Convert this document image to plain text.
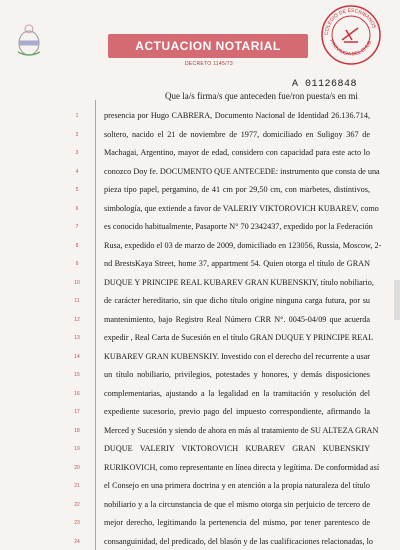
ACTUACION NOTARIAL
DECRETO 1145/73
COLEGIO DE ESCRIBANOS
PROVINCIA DEL CHUB
A 01126848
Que la/s firma/s que anteceden fue/ron puesta/s en mi
1	presencia por Hugo CABRERA, Documento Nacional de Identidad 26.136.714,
2	soltero, nacido el 21 de noviembre de 1977, domiciliado en Suligoy 367 de
3	Machagai, Argentino, mayor de edad, considero con capacidad para este acto lo
4	conozco Doy fe. DOCUMENTO QUE ANTECEDE: instrumento que consta de una
5	pieza tipo papel, pergamino, de 41 cm por 29,50 cm, con marbetes, distintivos,
6	simbología, que extiende a favor de VALERIY VIKTOROVICH KUBAREV, como
7	es conocido habitualmente, Pasaporte N° 70 2342437, expedido por la Federación
8	Rusa, expedido el 03 de marzo de 2009, domiciliado en 123056, Russia, Moscow, 2-
9	nd BrestsKaya Street, home 37, appartment 54. Quien otorga el título de GRAN
10	DUQUE Y PRINCIPE REAL KUBAREV GRAN KUBENSKIY, título nobiliario,
11	de carácter hereditario, sin que dicho título origine ninguna carga futura, por su
12	mantenimiento, bajo Registro Real Número CRR N°. 0045-04/09 que acuerda
13	expedir , Real Carta de Sucesión en el título GRAN DUQUE Y PRINCIPE REAL
14	KUBAREV GRAN KUBENSKIY. Investido con el derecho del recurrente a usar
15	un título nobiliario, privilegios, potestades y honores, y demás disposiciones
16	complementarias, ajustando a la legalidad en la tramitación y resolución del
17	expediente sucesorio, previo pago del impuesto correspondiente, afirmando la
18	Merced y Sucesión y siendo de ahora en más al tratamiento de SU ALTEZA GRAN
19	DUQUE VALERIY VIKTOROVICH KUBAREV GRAN KUBENSKIY
20	RURIKOVICH, como representante en línea directa y legítima. De conformidad así
21	el Consejo en una primera doctrina y en atención a la propia naturaleza del título
22	nobiliario y a la circunstancia de que el mismo otorga sin perjuicio de tercero de
23	mejor derecho, legitimando la pertenencia del mismo, por tener parentesco de
24	consanguinidad, del predicado, del blasón y de las cualificaciones relacionadas, lo
